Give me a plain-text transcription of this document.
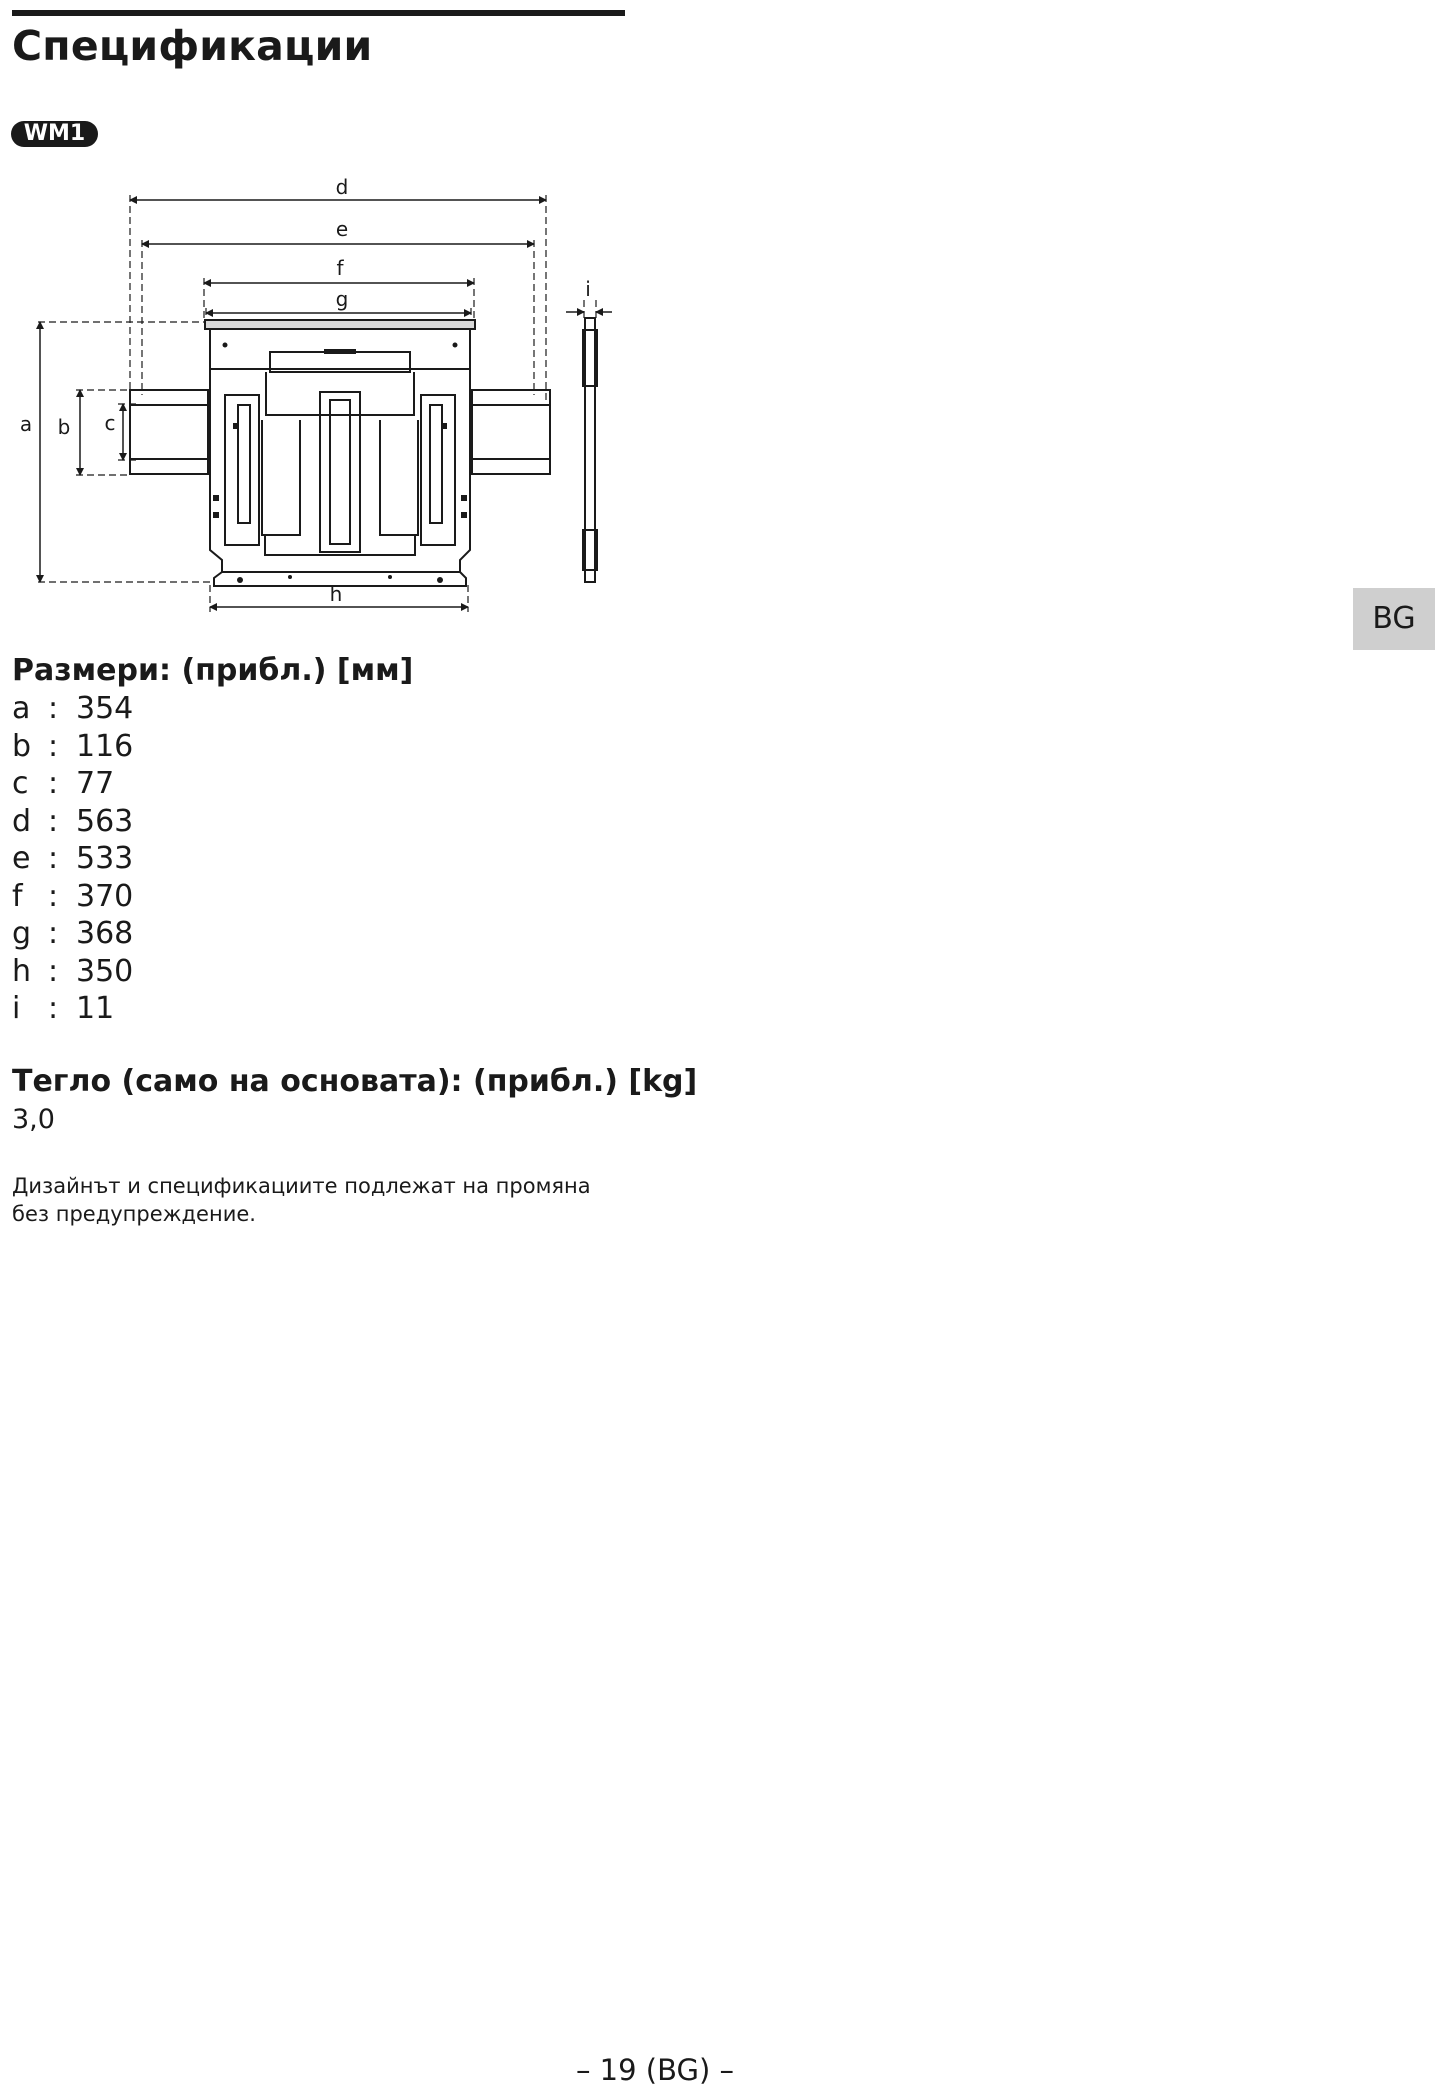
Спецификации
WM1
d
e
f
g
h
a b c
i
Размери: (прибл.) [мм]
a : 354
b : 116
c : 77
d : 563
e : 533
f : 370
g : 368
h : 350
i : 11
Тегло (само на основата): (прибл.) [kg]
3,0
Дизайнът и спецификациите подлежат на промяна
без предупреждение.
BG
– 19 (BG) –
